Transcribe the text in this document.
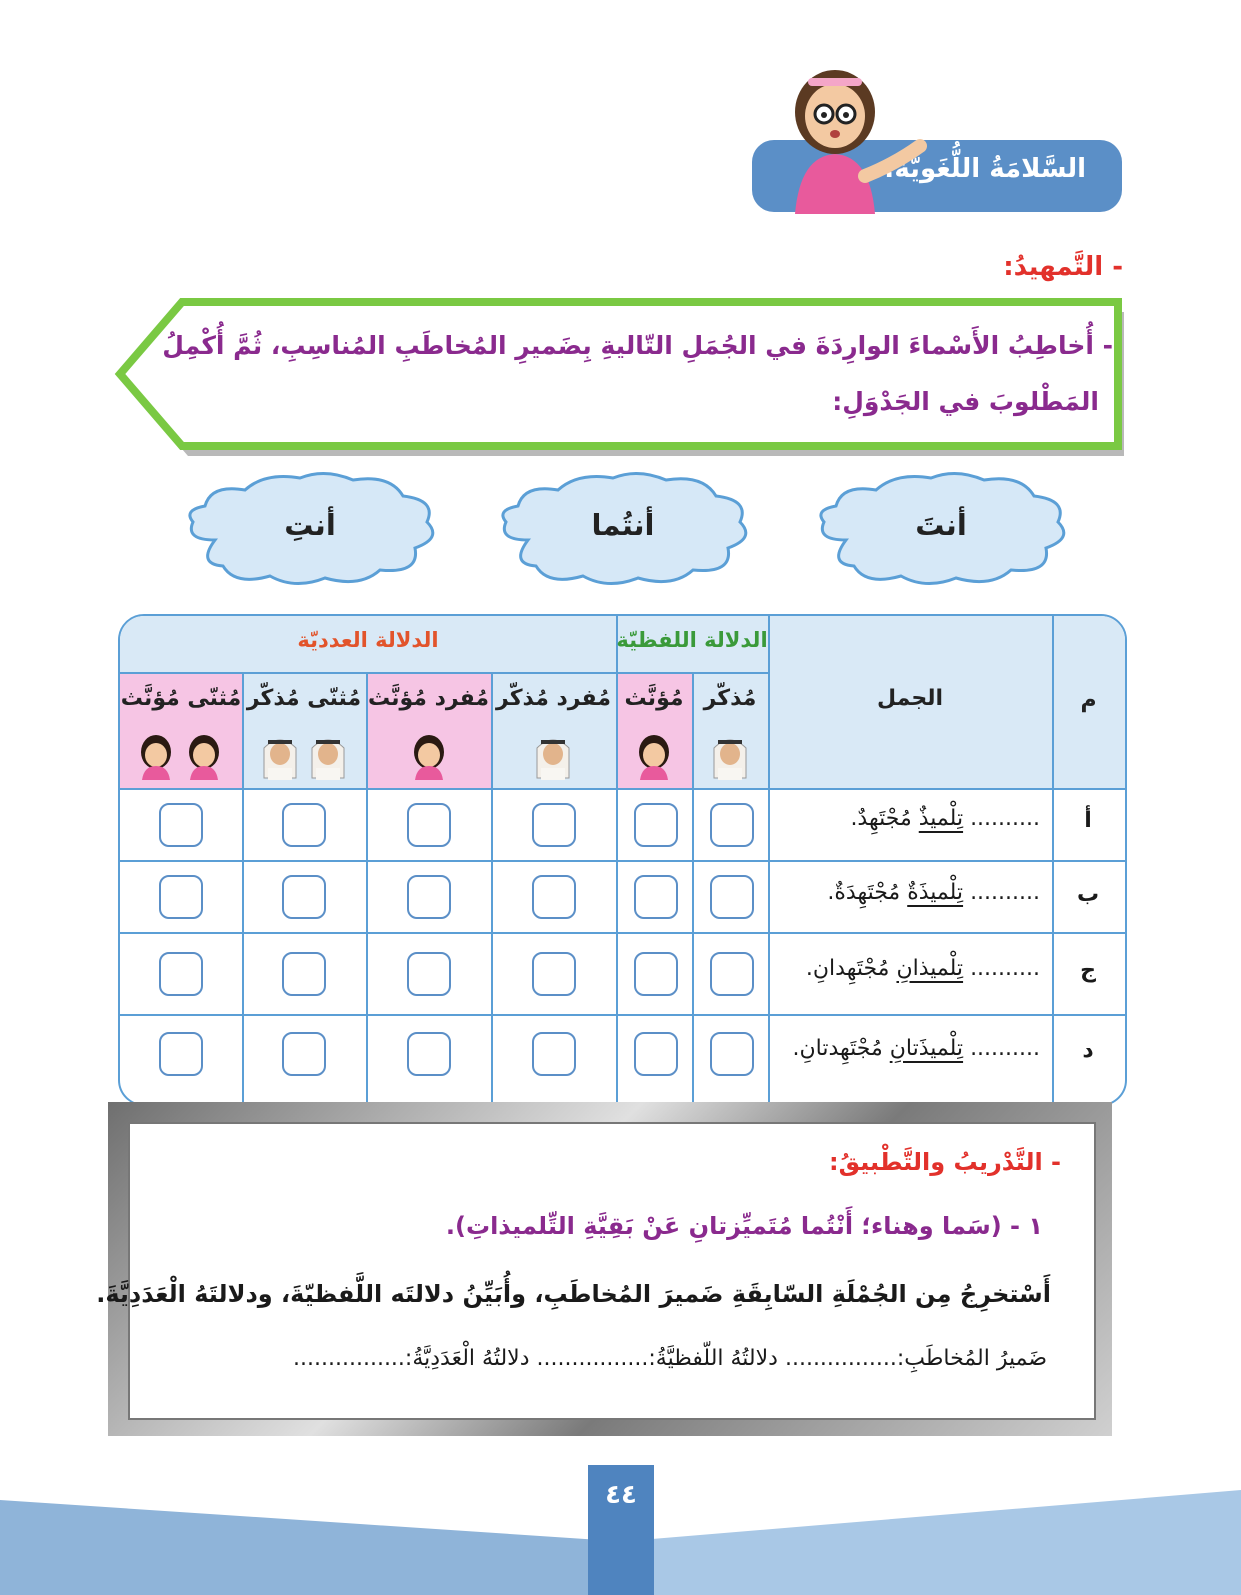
السَّلامَةُ اللُّغَويَّةُ:
- التَّمهيدُ:
- أُخاطِبُ الأَسْماءَ الوارِدَةَ في الجُمَلِ التّاليةِ بِضَميرِ المُخاطَبِ المُناسِبِ، ثُمَّ أُكْمِلُ
المَطْلوبَ في الجَدْوَلِ:
أنتَ
أنتُما
أنتِ
م
الجمل
الدلالة اللفظيّة
الدلالة العدديّة
مُذكّر
مُؤنَّث
مُفرد مُذكّر
مُفرد مُؤنَّث
مُثنّى مُذكّر
مُثنّى مُؤنَّث
أ
.......... تِلْميذٌ مُجْتَهِدٌ.
ب
.......... تِلْميذَةٌ مُجْتَهِدَةٌ.
ج
.......... تِلْميذانِ مُجْتَهِدانِ.
د
.......... تِلْميذَتانِ مُجْتَهِدتانِ.
- التَّدْريبُ والتَّطْبيقُ:
١ - (سَما وهناء؛ أَنْتُما مُتَميِّزتانِ عَنْ بَقِيَّةِ التِّلميذاتِ).
أَسْتخرِجُ مِن الجُمْلَةِ السّابِقَةِ ضَميرَ المُخاطَبِ، وأُبَيِّنُ دلالتَه اللَّفظيّةَ، ودلالتَهُ الْعَدَدِيَّةَ.
ضَميرُ المُخاطَبِ:................ دلالتُهُ اللّفظيَّةُ:................ دلالتُهُ الْعَدَدِيَّةُ:................
٤٤
